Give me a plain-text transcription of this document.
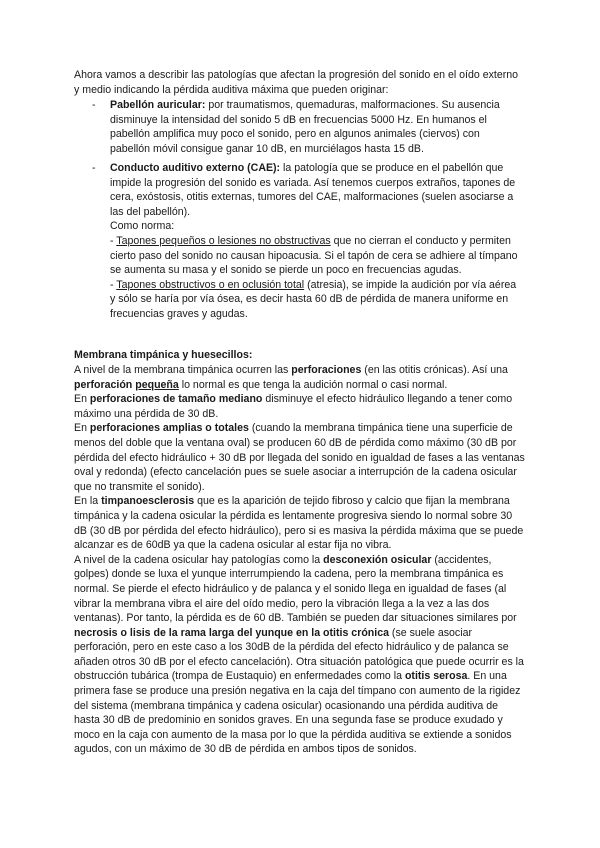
Ahora vamos a describir las patologías que afectan la progresión del sonido en el oído externo y medio indicando la pérdida auditiva máxima que pueden originar:

- Pabellón auricular: por traumatismos, quemaduras, malformaciones. Su ausencia disminuye la intensidad del sonido 5 dB en frecuencias 5000 Hz. En humanos el pabellón amplifica muy poco el sonido, pero en algunos animales (ciervos) con pabellón móvil consigue ganar 10 dB, en murciélagos hasta 15 dB.

- Conducto auditivo externo (CAE): la patología que se produce en el pabellón que impide la progresión del sonido es variada. Así tenemos cuerpos extraños, tapones de cera, exóstosis, otitis externas, tumores del CAE, malformaciones (suelen asociarse a las del pabellón).

Como norma:

- Tapones pequeños o lesiones no obstructivas que no cierran el conducto y permiten cierto paso del sonido no causan hipoacusia. Si el tapón de cera se adhiere al tímpano se aumenta su masa y el sonido se pierde un poco en frecuencias agudas.

- Tapones obstructivos o en oclusión total (atresia), se impide la audición por vía aérea y sólo se haría por vía ósea, es decir hasta 60 dB de pérdida de manera uniforme en frecuencias graves y agudas.

Membrana timpánica y huesecillos:

A nivel de la membrana timpánica ocurren las perforaciones (en las otitis crónicas). Así una perforación pequeña lo normal es que tenga la audición normal o casi normal.

En perforaciones de tamaño mediano disminuye el efecto hidráulico llegando a tener como máximo una pérdida de 30 dB.

En perforaciones amplias o totales (cuando la membrana timpánica tiene una superficie de menos del doble que la ventana oval) se producen 60 dB de pérdida como máximo (30 dB por pérdida del efecto hidráulico + 30 dB por llegada del sonido en igualdad de fases a las ventanas oval y redonda) (efecto cancelación pues se suele asociar a interrupción de la cadena osicular que no transmite el sonido).

En la timpanoesclerosis que es la aparición de tejido fibroso y calcio que fijan la membrana timpánica y la cadena osicular la pérdida es lentamente progresiva siendo lo normal sobre 30 dB (30 dB por pérdida del efecto hidráulico), pero si es masiva la pérdida máxima que se puede alcanzar es de 60dB ya que la cadena osicular al estar fija no vibra.

A nivel de la cadena osicular hay patologías como la desconexión osicular (accidentes, golpes) donde se luxa el yunque interrumpiendo la cadena, pero la membrana timpánica es normal. Se pierde el efecto hidráulico y de palanca y el sonido llega en igualdad de fases (al vibrar la membrana vibra el aire del oído medio, pero la vibración llega a la vez a las dos ventanas). Por tanto, la pérdida es de 60 dB. También se pueden dar situaciones similares por necrosis o lisis de la rama larga del yunque en la otitis crónica (se suele asociar perforación, pero en este caso a los 30dB de la pérdida del efecto hidráulico y de palanca se añaden otros 30 dB por el efecto cancelación). Otra situación patológica que puede ocurrir es la obstrucción tubárica (trompa de Eustaquio) en enfermedades como la otitis serosa. En una primera fase se produce una presión negativa en la caja del tímpano con aumento de la rigidez del sistema (membrana timpánica y cadena osicular) ocasionando una pérdida auditiva de hasta 30 dB de predominio en sonidos graves. En una segunda fase se produce exudado y moco en la caja con aumento de la masa por lo que la pérdida auditiva se extiende a sonidos agudos, con un máximo de 30 dB de pérdida en ambos tipos de sonidos.
